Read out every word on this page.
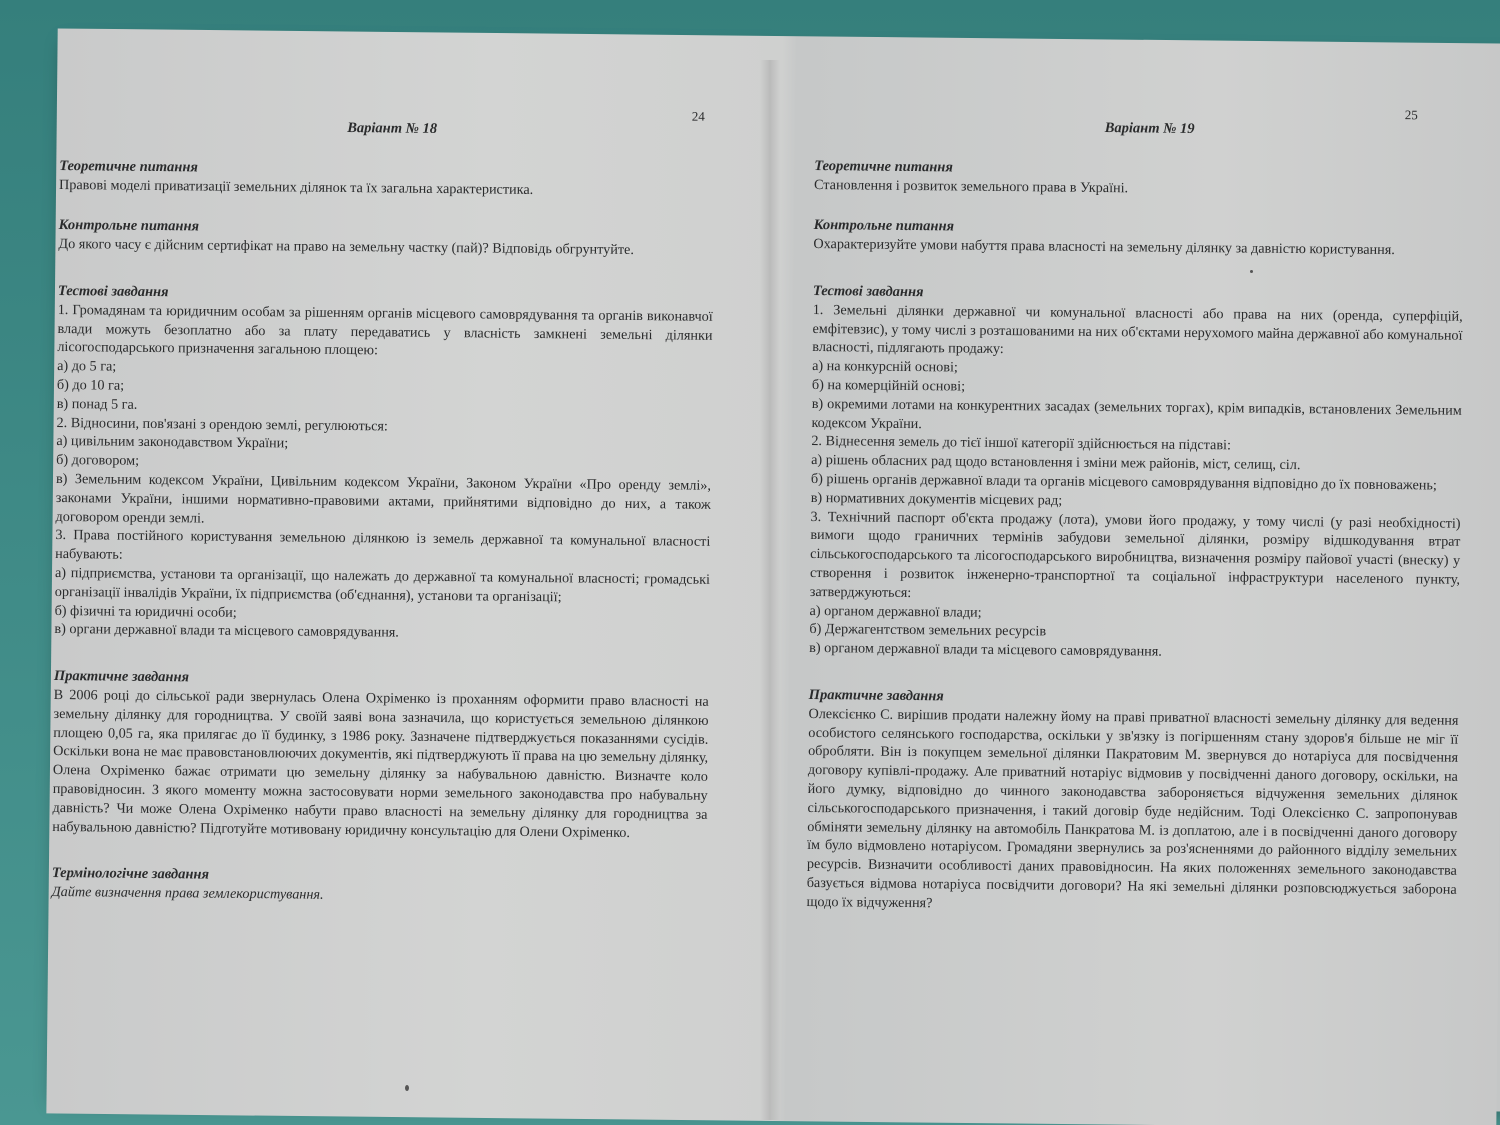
24
Варіант № 18
Теоретичне питання

Правові моделі приватизації земельних ділянок та їх загальна характеристика.

Контрольне питання

До якого часу є дійсним сертифікат на право на земельну частку (пай)? Відповідь обгрунтуйте.

Тестові завдання

1. Громадянам та юридичним особам за рішенням органів місцевого самоврядування та органів виконавчої влади можуть безоплатно або за плату передаватись у власність замкнені земельні ділянки лісогосподарського призначення загальною площею:

а) до 5 га;

б) до 10 га;

в) понад 5 га.

2. Відносини, пов'язані з орендою землі, регулюються:

а) цивільним законодавством України;

б) договором;

в) Земельним кодексом України, Цивільним кодексом України, Законом України «Про оренду землі», законами України, іншими нормативно-правовими актами, прийнятими відповідно до них, а також договором оренди землі.

3. Права постійного користування земельною ділянкою із земель державної та комунальної власності набувають:

а) підприємства, установи та організації, що належать до державної та комунальної власності; громадські організації інвалідів України, їх підприємства (об'єднання), установи та організації;

б) фізичні та юридичні особи;

в) органи державної влади та місцевого самоврядування.

Практичне завдання

В 2006 році до сільської ради звернулась Олена Охріменко із проханням оформити право власності на земельну ділянку для городництва. У своїй заяві вона зазначила, що користується земельною ділянкою площею 0,05 га, яка прилягає до її будинку, з 1986 року. Зазначене підтверджується показаннями сусідів. Оскільки вона не має правовстановлюючих документів, які підтверджують її права на цю земельну ділянку, Олена Охріменко бажає отримати цю земельну ділянку за набувальною давністю. Визначте коло правовідносин. З якого моменту можна застосовувати норми земельного законодавства про набувальну давність? Чи може Олена Охріменко набути право власності на земельну ділянку для городництва за набувальною давністю? Підготуйте мотивовану юридичну консультацію для Олени Охріменко.

Термінологічне завдання

Дайте визначення права землекористування.

25
Варіант № 19
Теоретичне питання

Становлення і розвиток земельного права в Україні.

Контрольне питання

Охарактеризуйте умови набуття права власності на земельну ділянку за давністю користування.

Тестові завдання

1. Земельні ділянки державної чи комунальної власності або права на них (оренда, суперфіцій, емфітевзис), у тому числі з розташованими на них об'єктами нерухомого майна державної або комунальної власності, підлягають продажу:

а) на конкурсній основі;

б) на комерційній основі;

в) окремими лотами на конкурентних засадах (земельних торгах), крім випадків, встановлених Земельним кодексом України.

2. Віднесення земель до тієї іншої категорії здійснюється на підставі:

а) рішень обласних рад щодо встановлення і зміни меж районів, міст, селищ, сіл.

б) рішень органів державної влади та органів місцевого самоврядування відповідно до їх повноважень;

в) нормативних документів місцевих рад;

3. Технічний паспорт об'єкта продажу (лота), умови його продажу, у тому числі (у разі необхідності) вимоги щодо граничних термінів забудови земельної ділянки, розміру відшкодування втрат сільськогосподарського та лісогосподарського виробництва, визначення розміру пайової участі (внеску) у створення і розвиток інженерно-транспортної та соціальної інфраструктури населеного пункту, затверджуються:

а) органом державної влади;

б) Держагентством земельних ресурсів

в) органом державної влади та місцевого самоврядування.

Практичне завдання

Олексієнко С. вирішив продати належну йому на праві приватної власності земельну ділянку для ведення особистого селянського господарства, оскільки у зв'язку із погіршенням стану здоров'я більше не міг її обробляти. Він із покупцем земельної ділянки Пакратовим М. звернувся до нотаріуса для посвідчення договору купівлі-продажу. Але приватний нотаріус відмовив у посвідченні даного договору, оскільки, на його думку, відповідно до чинного законодавства забороняється відчуження земельних ділянок сільськогосподарського призначення, і такий договір буде недійсним. Тоді Олексієнко С. запропонував обміняти земельну ділянку на автомобіль Панкратова М. із доплатою, але і в посвідченні даного договору їм було відмовлено нотаріусом. Громадяни звернулись за роз'ясненнями до районного відділу земельних ресурсів. Визначити особливості даних правовідносин. На яких положеннях земельного законодавства базується відмова нотаріуса посвідчити договори? На які земельні ділянки розповсюджується заборона щодо їх відчуження?
